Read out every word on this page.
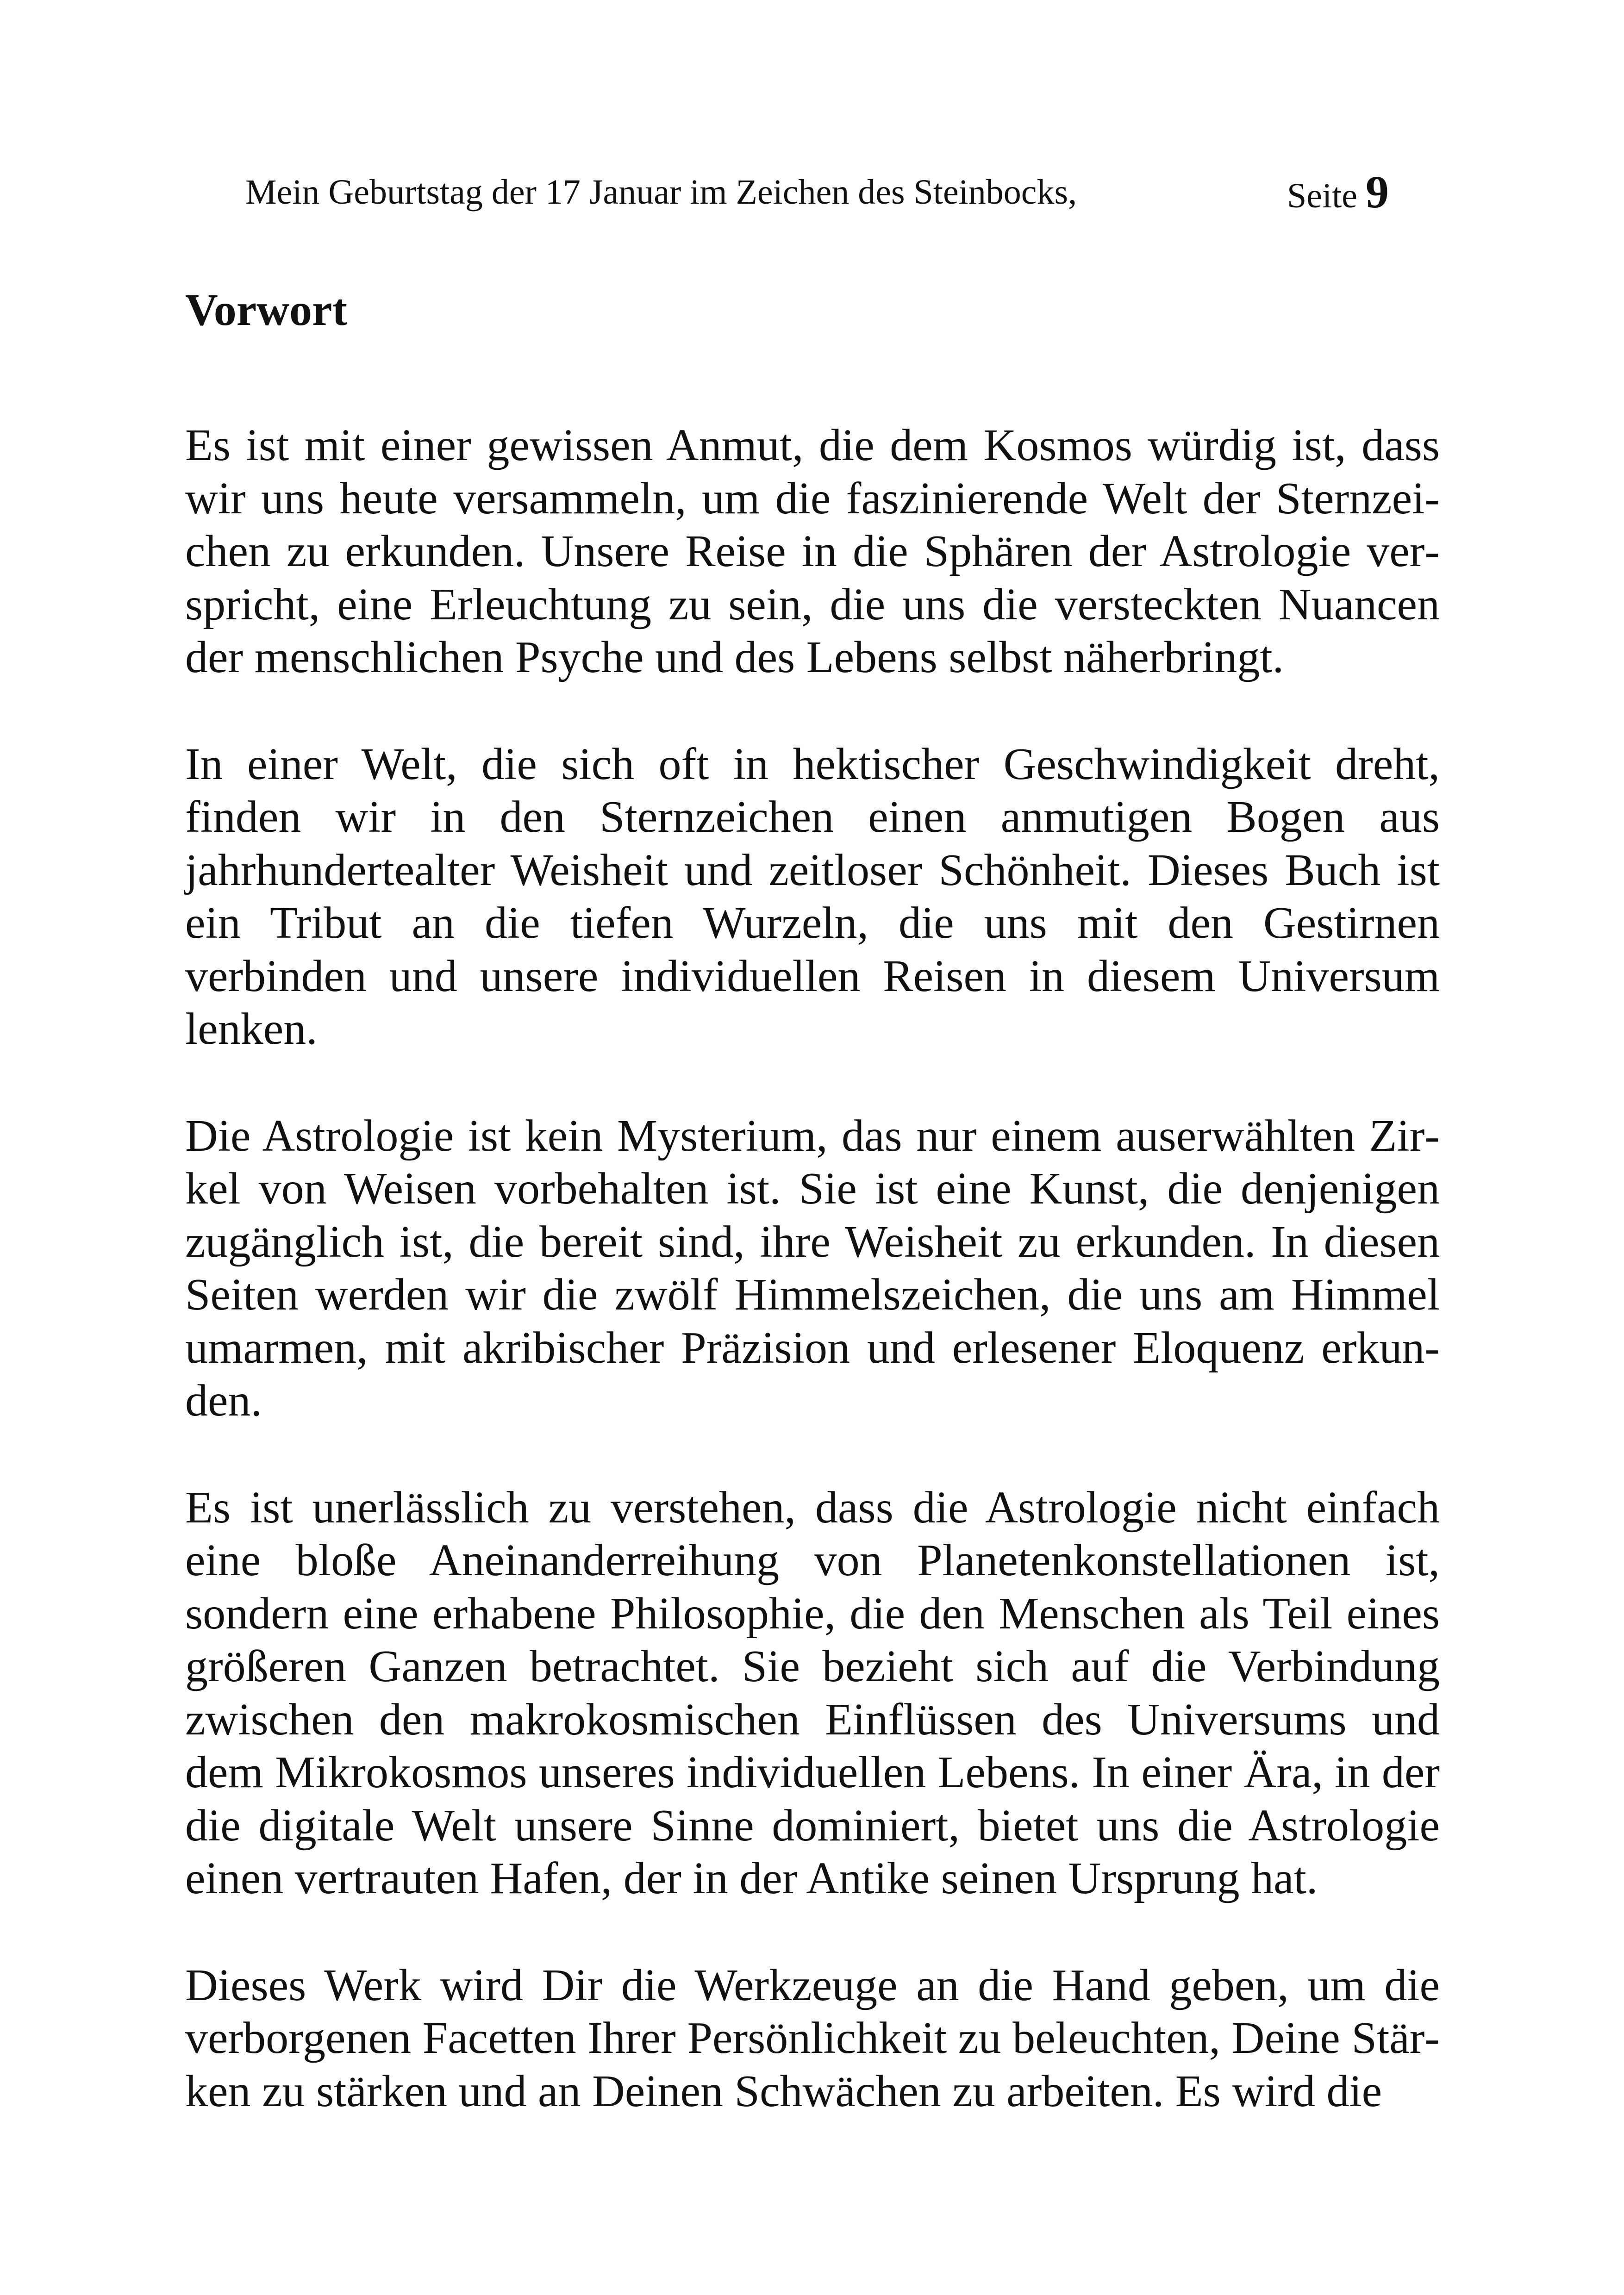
Mein Geburtstag der 17 Januar im Zeichen des Steinbocks,	Seite 9
Vorwort

Es ist mit einer gewissen Anmut, die dem Kosmos würdig ist, dass wir uns heute versammeln, um die faszinierende Welt der Sternzeichen zu erkunden. Unsere Reise in die Sphären der Astrologie verspricht, eine Erleuchtung zu sein, die uns die versteckten Nuancen der menschlichen Psyche und des Lebens selbst näherbringt.

In einer Welt, die sich oft in hektischer Geschwindigkeit dreht, finden wir in den Sternzeichen einen anmutigen Bogen aus jahrhundertealter Weisheit und zeitloser Schönheit. Dieses Buch ist ein Tribut an die tiefen Wurzeln, die uns mit den Gestirnen verbinden und unsere individuellen Reisen in diesem Universum lenken.

Die Astrologie ist kein Mysterium, das nur einem auserwählten Zirkel von Weisen vorbehalten ist. Sie ist eine Kunst, die denjenigen zugänglich ist, die bereit sind, ihre Weisheit zu erkunden. In diesen Seiten werden wir die zwölf Himmelszeichen, die uns am Himmel umarmen, mit akribischer Präzision und erlesener Eloquenz erkunden.

Es ist unerlässlich zu verstehen, dass die Astrologie nicht einfach eine bloße Aneinanderreihung von Planetenkonstellationen ist, sondern eine erhabene Philosophie, die den Menschen als Teil eines größeren Ganzen betrachtet. Sie bezieht sich auf die Verbindung zwischen den makrokosmischen Einflüssen des Universums und dem Mikrokosmos unseres individuellen Lebens. In einer Ära, in der die digitale Welt unsere Sinne dominiert, bietet uns die Astrologie einen vertrauten Hafen, der in der Antike seinen Ursprung hat.

Dieses Werk wird Dir die Werkzeuge an die Hand geben, um die verborgenen Facetten Ihrer Persönlichkeit zu beleuchten, Deine Stärken zu stärken und an Deinen Schwächen zu arbeiten. Es wird die
